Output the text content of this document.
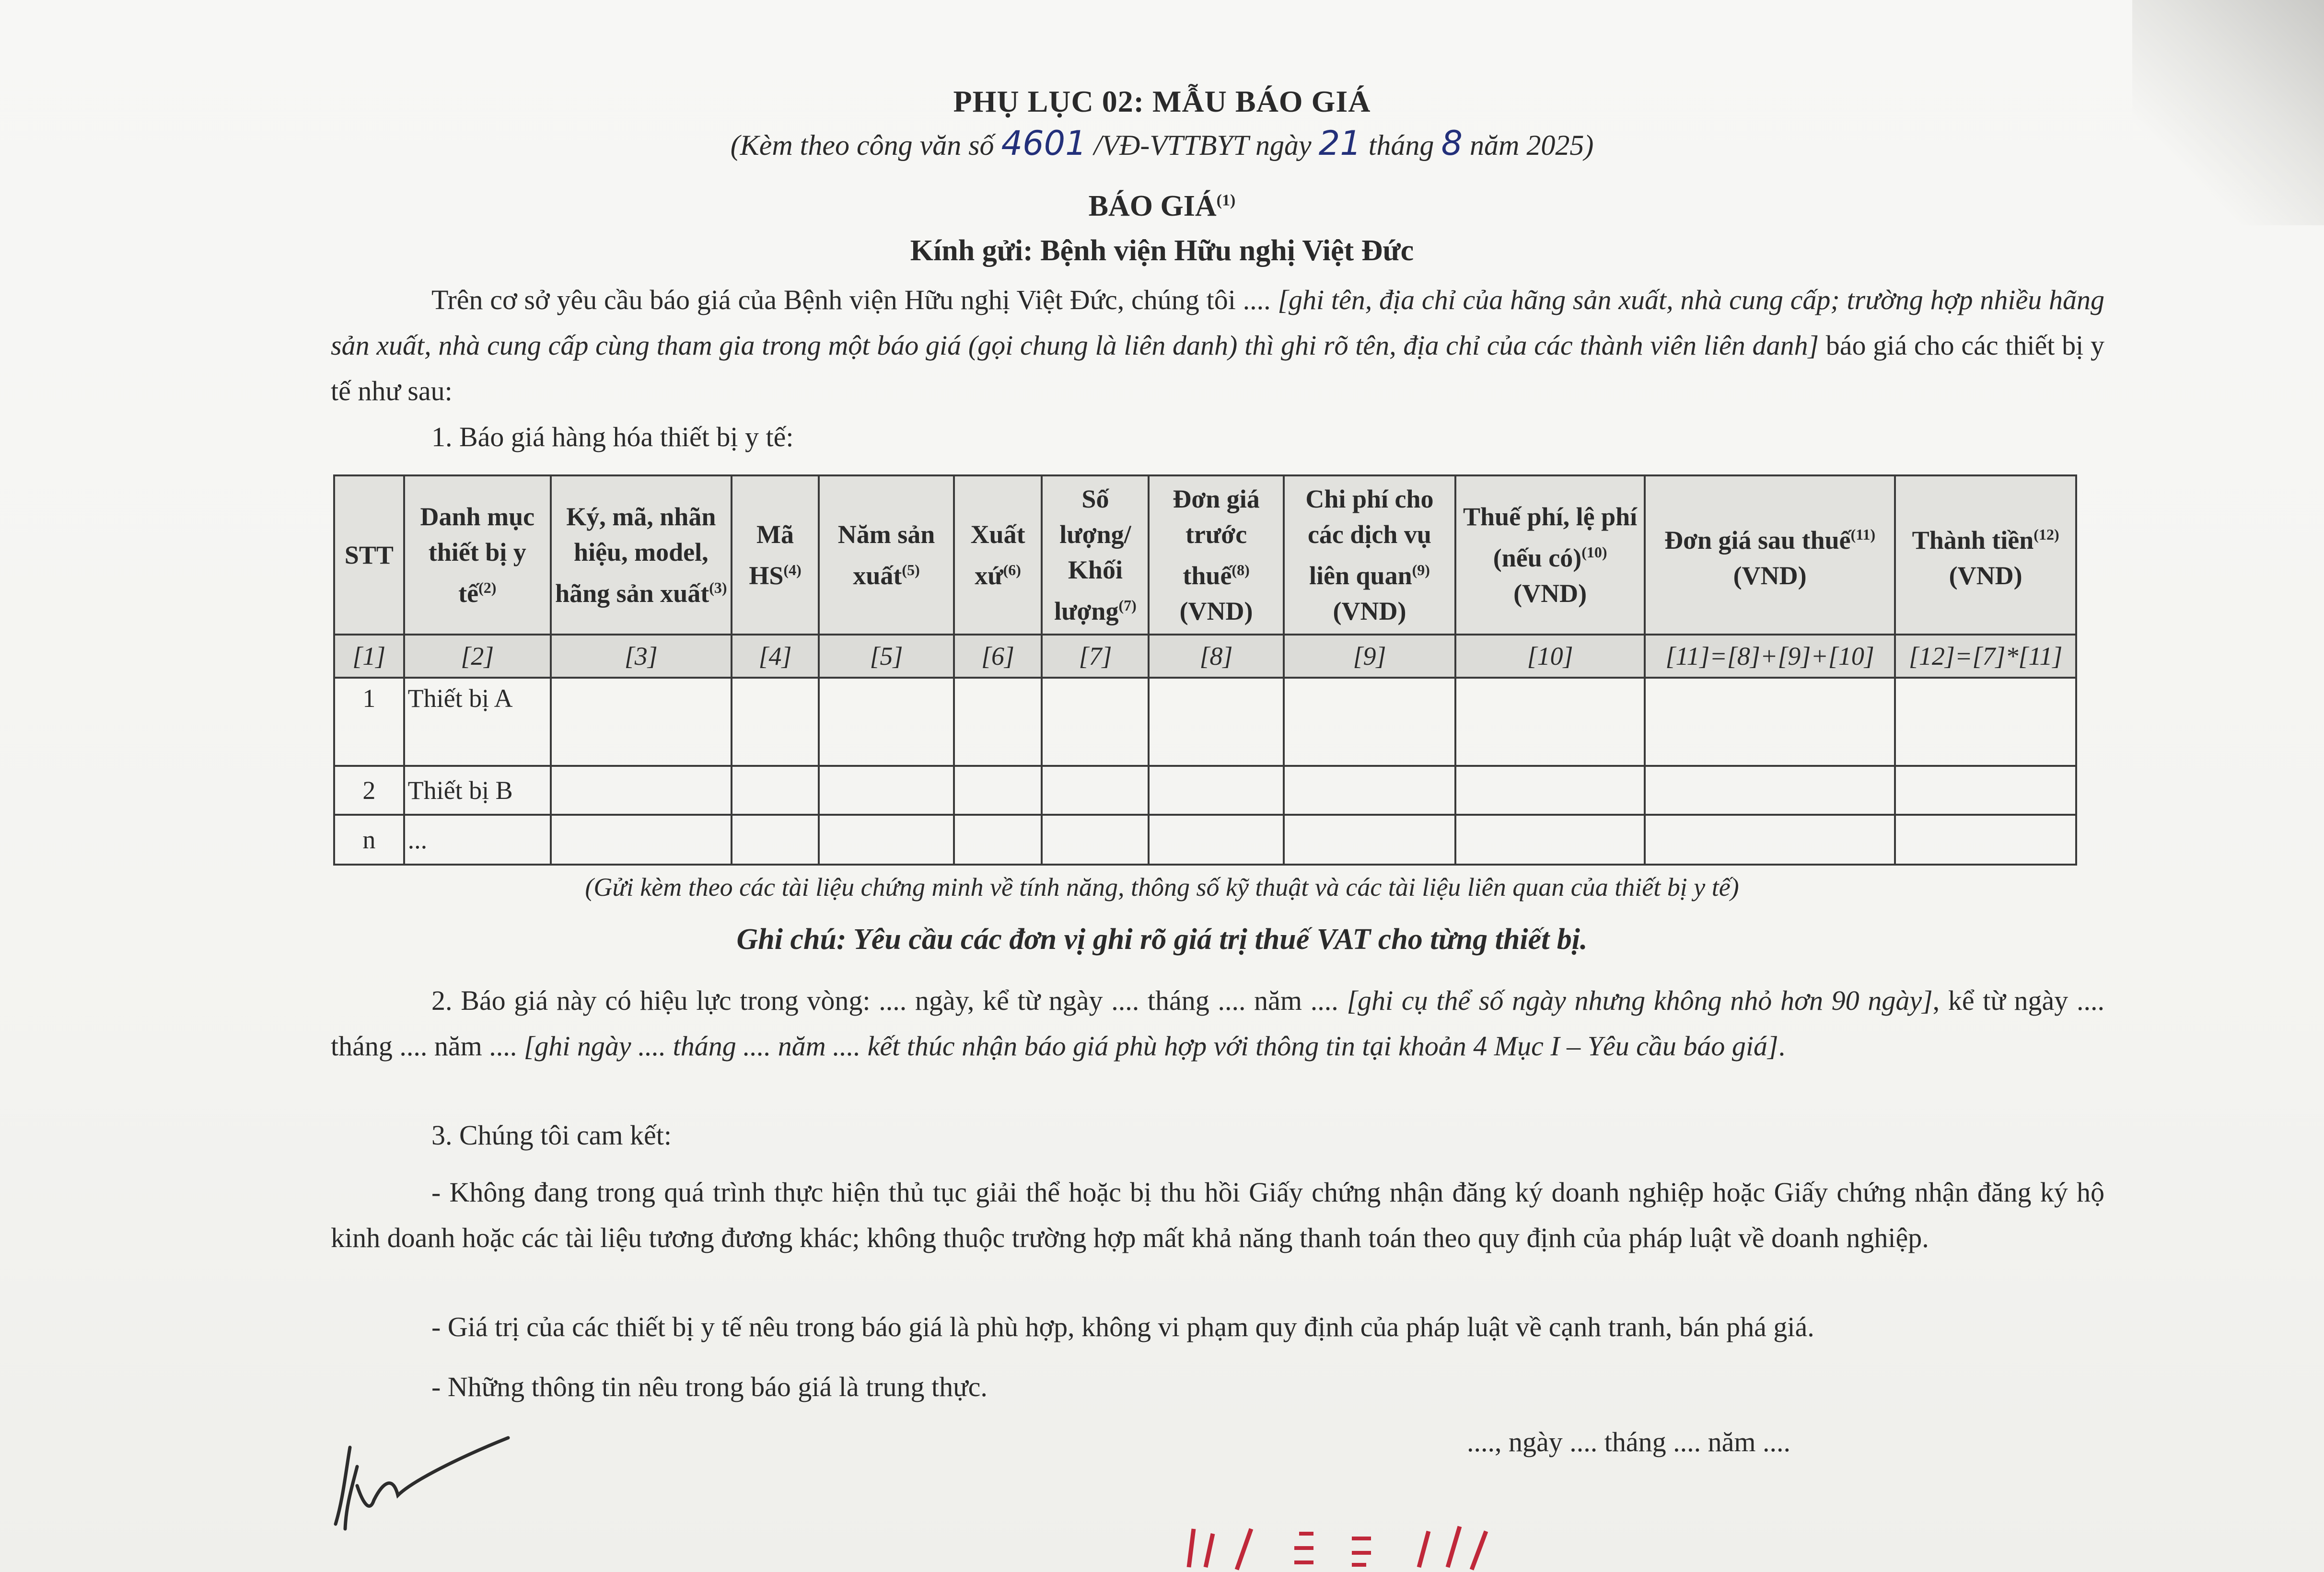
PHỤ LỤC 02: MẪU BÁO GIÁ
(Kèm theo công văn số 4601 /VĐ-VTTBYT ngày 21 tháng 8 năm 2025)
BÁO GIÁ$^{(1)}$
Kính gửi: Bệnh viện Hữu nghị Việt Đức
Trên cơ sở yêu cầu báo giá của Bệnh viện Hữu nghị Việt Đức, chúng tôi .... [ghi tên, địa chỉ của hãng sản xuất, nhà cung cấp; trường hợp nhiều hãng sản xuất, nhà cung cấp cùng tham gia trong một báo giá (gọi chung là liên danh) thì ghi rõ tên, địa chỉ của các thành viên liên danh] báo giá cho các thiết bị y tế như sau:
1. Báo giá hàng hóa thiết bị y tế:
STT	Danh mục thiết bị y tế$^{(2)}$	Ký, mã, nhãn hiệu, model, hãng sản xuất$^{(3)}$	Mã HS$^{(4)}$	Năm sản xuất$^{(5)}$	Xuất xứ$^{(6)}$	Số lượng/ Khối lượng$^{(7)}$	Đơn giá trước thuế$^{(8)}$ (VND)	Chi phí cho các dịch vụ liên quan$^{(9)}$ (VND)	Thuế phí, lệ phí (nếu có)$^{(10)}$ (VND)	Đơn giá sau thuế$^{(11)}$ (VND)	Thành tiền$^{(12)}$ (VND)
[1]	[2]	[3]	[4]	[5]	[6]	[7]	[8]	[9]	[10]	[11]=[8]+[9]+[10]	[12]=[7]*[11]
1	Thiết bị A										
2	Thiết bị B										
n	...										
(Gửi kèm theo các tài liệu chứng minh về tính năng, thông số kỹ thuật và các tài liệu liên quan của thiết bị y tế)
Ghi chú: Yêu cầu các đơn vị ghi rõ giá trị thuế VAT cho từng thiết bị.
2. Báo giá này có hiệu lực trong vòng: .... ngày, kể từ ngày .... tháng .... năm .... [ghi cụ thể số ngày nhưng không nhỏ hơn 90 ngày], kể từ ngày .... tháng .... năm .... [ghi ngày .... tháng .... năm .... kết thúc nhận báo giá phù hợp với thông tin tại khoản 4 Mục I – Yêu cầu báo giá].
3. Chúng tôi cam kết:
- Không đang trong quá trình thực hiện thủ tục giải thể hoặc bị thu hồi Giấy chứng nhận đăng ký doanh nghiệp hoặc Giấy chứng nhận đăng ký hộ kinh doanh hoặc các tài liệu tương đương khác; không thuộc trường hợp mất khả năng thanh toán theo quy định của pháp luật về doanh nghiệp.
- Giá trị của các thiết bị y tế nêu trong báo giá là phù hợp, không vi phạm quy định của pháp luật về cạnh tranh, bán phá giá.
- Những thông tin nêu trong báo giá là trung thực.
...., ngày .... tháng .... năm ....
